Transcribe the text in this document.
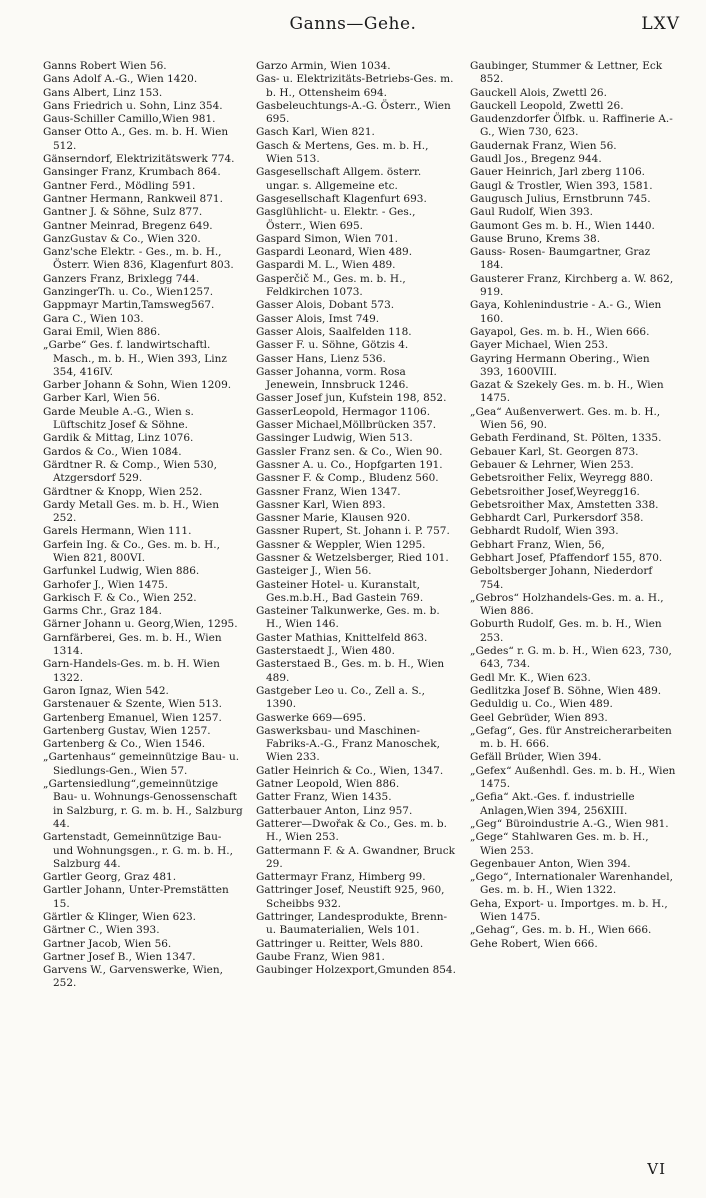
Ganns—Gehe.	LXV
Ganns Robert Wien 56.
Gans Adolf A.-G., Wien 1420.
Gans Albert, Linz 153.
Gans Friedrich u. Sohn, Linz 354.
Gaus-Schiller Camillo,Wien 981.
Ganser Otto A., Ges. m. b. H. Wien 512.
Gänserndorf, Elektrizitätswerk 774.
Gansinger Franz, Krumbach 864.
Gantner Ferd., Mödling 591.
Gantner Hermann, Rankweil 871.
Gantner J. & Söhne, Sulz 877.
Gantner Meinrad, Bregenz 649.
GanzGustav & Co., Wien 320.
Ganz'sche Elektr. - Ges., m. b. H., Österr. Wien 836, Klagenfurt 803.
Ganzers Franz, Brixlegg 744.
GanzingerTh. u. Co., Wien1257.
Gappmayr Martin,Tamsweg567.
Gara C., Wien 103.
Garai Emil, Wien 886.
„Garbe“ Ges. f. landwirtschaftl. Masch., m. b. H., Wien 393, Linz 354, 416IV.
Garber Johann & Sohn, Wien 1209.
Garber Karl, Wien 56.
Garde Meuble A.-G., Wien s. Lüftschitz Josef & Söhne.
Gardik & Mittag, Linz 1076.
Gardos & Co., Wien 1084.
Gärdtner R. & Comp., Wien 530, Atzgersdorf 529.
Gärdtner & Knopp, Wien 252.
Gardy Metall Ges. m. b. H., Wien 252.
Garels Hermann, Wien 111.
Garfein Ing. & Co., Ges. m. b. H., Wien 821, 800VI.
Garfunkel Ludwig, Wien 886.
Garhofer J., Wien 1475.
Garkisch F. & Co., Wien 252.
Garms Chr., Graz 184.
Gärner Johann u. Georg,Wien, 1295.
Garnfärberei, Ges. m. b. H., Wien 1314.
Garn-Handels-Ges. m. b. H. Wien 1322.
Garon Ignaz, Wien 542.
Garstenauer & Szente, Wien 513.
Gartenberg Emanuel, Wien 1257.
Gartenberg Gustav, Wien 1257.
Gartenberg & Co., Wien 1546.
„Gartenhaus“ gemeinnützige Bau- u. Siedlungs-Gen., Wien 57.
„Gartensiedlung“,gemeinnützige Bau- u. Wohnungs-Genossenschaft in Salzburg, r. G. m. b. H., Salzburg 44.
Gartenstadt, Gemeinnützige Bau- und Wohnungsgen., r. G. m. b. H., Salzburg 44.
Gartler Georg, Graz 481.
Gartler Johann, Unter-Premstätten 15.
Gärtler & Klinger, Wien 623.
Gärtner C., Wien 393.
Gartner Jacob, Wien 56.
Gartner Josef B., Wien 1347.
Garvens W., Garvenswerke, Wien, 252.
Garzo Armin, Wien 1034.
Gas- u. Elektrizitäts-Betriebs-Ges. m. b. H., Ottensheim 694.
Gasbeleuchtungs-A.-G. Österr., Wien 695.
Gasch Karl, Wien 821.
Gasch & Mertens, Ges. m. b. H., Wien 513.
Gasgesellschaft Allgem. österr. ungar. s. Allgemeine etc.
Gasgesellschaft Klagenfurt 693.
Gasglühlicht- u. Elektr. - Ges., Österr., Wien 695.
Gaspard Simon, Wien 701.
Gaspardi Leonard, Wien 489.
Gaspardi M. L., Wien 489.
Gasperčič M., Ges. m. b. H., Feldkirchen 1073.
Gasser Alois, Dobant 573.
Gasser Alois, Imst 749.
Gasser Alois, Saalfelden 118.
Gasser F. u. Söhne, Götzis 4.
Gasser Hans, Lienz 536.
Gasser Johanna, vorm. Rosa Jenewein, Innsbruck 1246.
Gasser Josef jun, Kufstein 198, 852.
GasserLeopold, Hermagor 1106.
Gasser Michael,Möllbrücken 357.
Gassinger Ludwig, Wien 513.
Gassler Franz sen. & Co., Wien 90.
Gassner A. u. Co., Hopfgarten 191.
Gassner F. & Comp., Bludenz 560.
Gassner Franz, Wien 1347.
Gassner Karl, Wien 893.
Gassner Marie, Klausen 920.
Gassner Rupert, St. Johann i. P. 757.
Gassner & Weppler, Wien 1295.
Gassner & Wetzelsberger, Ried 101.
Gasteiger J., Wien 56.
Gasteiner Hotel- u. Kuranstalt, Ges.m.b.H., Bad Gastein 769.
Gasteiner Talkunwerke, Ges. m. b. H., Wien 146.
Gaster Mathias, Knittelfeld 863.
Gasterstaedt J., Wien 480.
Gasterstaed B., Ges. m. b. H., Wien 489.
Gastgeber Leo u. Co., Zell a. S., 1390.
Gaswerke 669—695.
Gaswerksbau- und Maschinen-Fabriks-A.-G., Franz Manoschek, Wien 233.
Gatler Heinrich & Co., Wien, 1347.
Gatner Leopold, Wien 886.
Gatter Franz, Wien 1435.
Gatterbauer Anton, Linz 957.
Gatterer—Dwořak & Co., Ges. m. b. H., Wien 253.
Gattermann F. & A. Gwandner, Bruck 29.
Gattermayr Franz, Himberg 99.
Gattringer Josef, Neustift 925, 960, Scheibbs 932.
Gattringer, Landesprodukte, Brenn- u. Baumaterialien, Wels 101.
Gattringer u. Reitter, Wels 880.
Gaube Franz, Wien 981.
Gaubinger Holzexport,Gmunden 854.
Gaubinger, Stummer & Lettner, Eck 852.
Gauckell Alois, Zwettl 26.
Gauckell Leopold, Zwettl 26.
Gaudenzdorfer Ölfbk. u. Raffinerie A.-G., Wien 730, 623.
Gaudernak Franz, Wien 56.
Gaudl Jos., Bregenz 944.
Gauer Heinrich, Jarl zberg 1106.
Gaugl & Trostler, Wien 393, 1581.
Gaugusch Julius, Ernstbrunn 745.
Gaul Rudolf, Wien 393.
Gaumont Ges m. b. H., Wien 1440.
Gause Bruno, Krems 38.
Gauss- Rosen- Baumgartner, Graz 184.
Gausterer Franz, Kirchberg a. W. 862, 919.
Gaya, Kohlenindustrie - A.- G., Wien 160.
Gayapol, Ges. m. b. H., Wien 666.
Gayer Michael, Wien 253.
Gayring Hermann Obering., Wien 393, 1600VIII.
Gazat & Szekely Ges. m. b. H., Wien 1475.
„Gea“ Außenverwert. Ges. m. b. H., Wien 56, 90.
Gebath Ferdinand, St. Pölten, 1335.
Gebauer Karl, St. Georgen 873.
Gebauer & Lehrner, Wien 253.
Gebetsroither Felix, Weyregg 880.
Gebetsroither Josef,Weyregg16.
Gebetsroither Max, Amstetten 338.
Gebhardt Carl, Purkersdorf 358.
Gebhardt Rudolf, Wien 393.
Gebhart Franz, Wien, 56,
Gebhart Josef, Pfaffendorf 155, 870.
Geboltsberger Johann, Niederdorf 754.
„Gebros“ Holzhandels-Ges. m. a. H., Wien 886.
Goburth Rudolf, Ges. m. b. H., Wien 253.
„Gedes“ r. G. m. b. H., Wien 623, 730, 643, 734.
Gedl Mr. K., Wien 623.
Gedlitzka Josef B. Söhne, Wien 489.
Geduldig u. Co., Wien 489.
Geel Gebrüder, Wien 893.
„Gefag“, Ges. für Anstreicherarbeiten m. b. H. 666.
Gefäll Brüder, Wien 394.
„Gefex“ Außenhdl. Ges. m. b. H., Wien 1475.
„Gefia“ Akt.-Ges. f. industrielle Anlagen,Wien 394, 256XIII.
„Geg“ Büroindustrie A.-G., Wien 981.
„Gege“ Stahlwaren Ges. m. b. H., Wien 253.
Gegenbauer Anton, Wien 394.
„Gego“, Internationaler Warenhandel, Ges. m. b. H., Wien 1322.
Geha, Export- u. Importges. m. b. H., Wien 1475.
„Gehag“, Ges. m. b. H., Wien 666.
Gehe Robert, Wien 666.
VI
